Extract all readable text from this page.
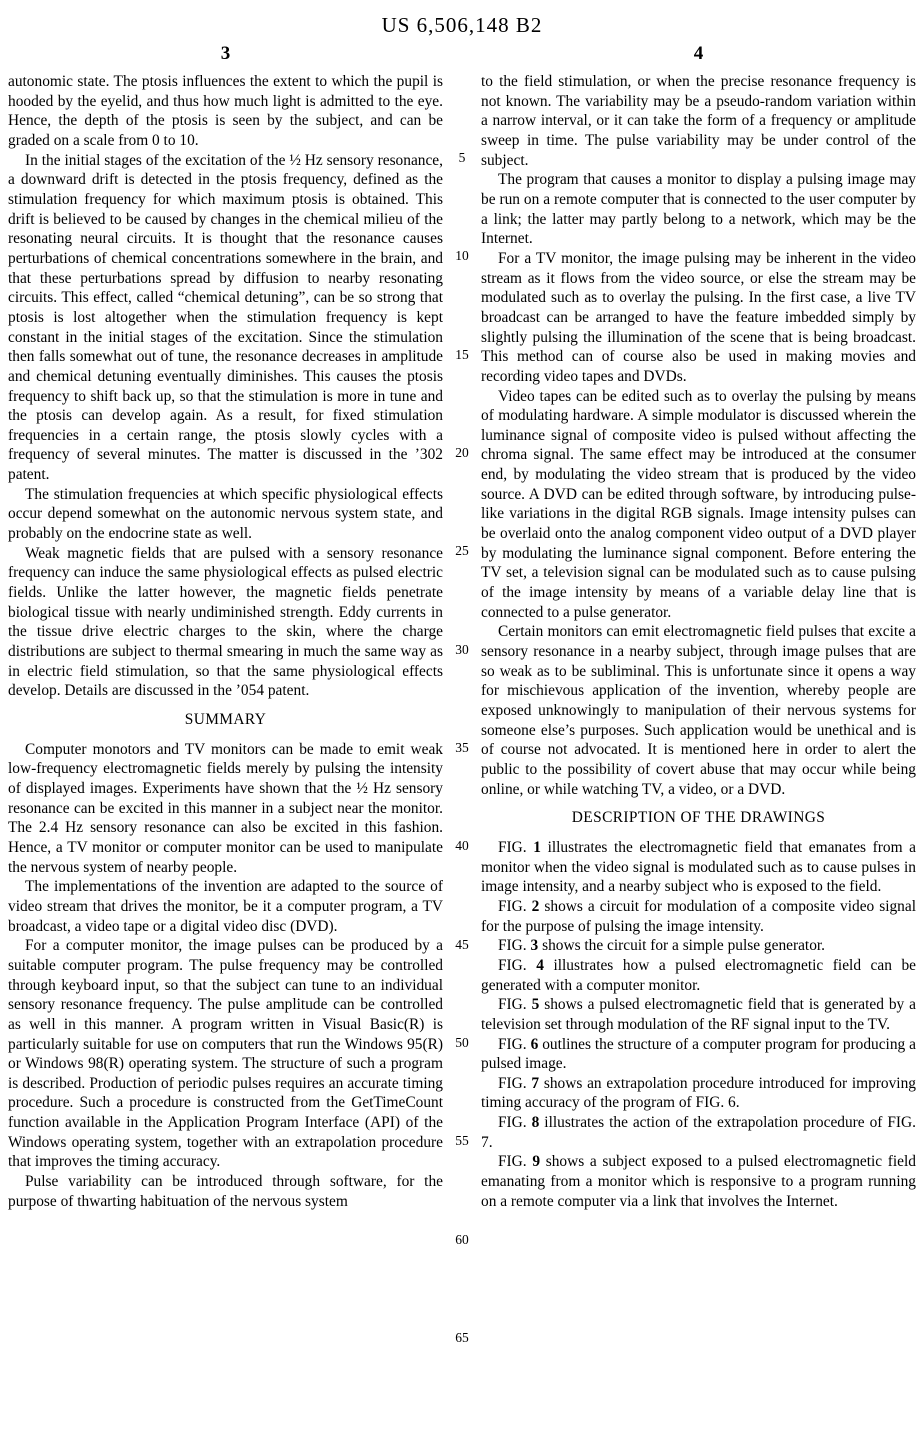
US 6,506,148 B2
3	4

autonomic state. The ptosis influences the extent to which the pupil is hooded by the eyelid, and thus how much light is admitted to the eye. Hence, the depth of the ptosis is seen by the subject, and can be graded on a scale from 0 to 10.

In the initial stages of the excitation of the ½ Hz sensory resonance, a downward drift is detected in the ptosis frequency, defined as the stimulation frequency for which maximum ptosis is obtained. This drift is believed to be caused by changes in the chemical milieu of the resonating neural circuits. It is thought that the resonance causes perturbations of chemical concentrations somewhere in the brain, and that these perturbations spread by diffusion to nearby resonating circuits. This effect, called “chemical detuning”, can be so strong that ptosis is lost altogether when the stimulation frequency is kept constant in the initial stages of the excitation. Since the stimulation then falls somewhat out of tune, the resonance decreases in amplitude and chemical detuning eventually diminishes. This causes the ptosis frequency to shift back up, so that the stimulation is more in tune and the ptosis can develop again. As a result, for fixed stimulation frequencies in a certain range, the ptosis slowly cycles with a frequency of several minutes. The matter is discussed in the ’302 patent.

The stimulation frequencies at which specific physiological effects occur depend somewhat on the autonomic nervous system state, and probably on the endocrine state as well.

Weak magnetic fields that are pulsed with a sensory resonance frequency can induce the same physiological effects as pulsed electric fields. Unlike the latter however, the magnetic fields penetrate biological tissue with nearly undiminished strength. Eddy currents in the tissue drive electric charges to the skin, where the charge distributions are subject to thermal smearing in much the same way as in electric field stimulation, so that the same physiological effects develop. Details are discussed in the ’054 patent.

SUMMARY

Computer monotors and TV monitors can be made to emit weak low-frequency electromagnetic fields merely by pulsing the intensity of displayed images. Experiments have shown that the ½ Hz sensory resonance can be excited in this manner in a subject near the monitor. The 2.4 Hz sensory resonance can also be excited in this fashion. Hence, a TV monitor or computer monitor can be used to manipulate the nervous system of nearby people.

The implementations of the invention are adapted to the source of video stream that drives the monitor, be it a computer program, a TV broadcast, a video tape or a digital video disc (DVD).

For a computer monitor, the image pulses can be produced by a suitable computer program. The pulse frequency may be controlled through keyboard input, so that the subject can tune to an individual sensory resonance frequency. The pulse amplitude can be controlled as well in this manner. A program written in Visual Basic(R) is particularly suitable for use on computers that run the Windows 95(R) or Windows 98(R) operating system. The structure of such a program is described. Production of periodic pulses requires an accurate timing procedure. Such a procedure is constructed from the GetTimeCount function available in the Application Program Interface (API) of the Windows operating system, together with an extrapolation procedure that improves the timing accuracy.

Pulse variability can be introduced through software, for the purpose of thwarting habituation of the nervous system

5
10
15
20
25
30
35
40
45
50
55
60
65

to the field stimulation, or when the precise resonance frequency is not known. The variability may be a pseudo-random variation within a narrow interval, or it can take the form of a frequency or amplitude sweep in time. The pulse variability may be under control of the subject.

The program that causes a monitor to display a pulsing image may be run on a remote computer that is connected to the user computer by a link; the latter may partly belong to a network, which may be the Internet.

For a TV monitor, the image pulsing may be inherent in the video stream as it flows from the video source, or else the stream may be modulated such as to overlay the pulsing. In the first case, a live TV broadcast can be arranged to have the feature imbedded simply by slightly pulsing the illumination of the scene that is being broadcast. This method can of course also be used in making movies and recording video tapes and DVDs.

Video tapes can be edited such as to overlay the pulsing by means of modulating hardware. A simple modulator is discussed wherein the luminance signal of composite video is pulsed without affecting the chroma signal. The same effect may be introduced at the consumer end, by modulating the video stream that is produced by the video source. A DVD can be edited through software, by introducing pulse-like variations in the digital RGB signals. Image intensity pulses can be overlaid onto the analog component video output of a DVD player by modulating the luminance signal component. Before entering the TV set, a television signal can be modulated such as to cause pulsing of the image intensity by means of a variable delay line that is connected to a pulse generator.

Certain monitors can emit electromagnetic field pulses that excite a sensory resonance in a nearby subject, through image pulses that are so weak as to be subliminal. This is unfortunate since it opens a way for mischievous application of the invention, whereby people are exposed unknowingly to manipulation of their nervous systems for someone else’s purposes. Such application would be unethical and is of course not advocated. It is mentioned here in order to alert the public to the possibility of covert abuse that may occur while being online, or while watching TV, a video, or a DVD.

DESCRIPTION OF THE DRAWINGS

FIG. 1 illustrates the electromagnetic field that emanates from a monitor when the video signal is modulated such as to cause pulses in image intensity, and a nearby subject who is exposed to the field.

FIG. 2 shows a circuit for modulation of a composite video signal for the purpose of pulsing the image intensity.

FIG. 3 shows the circuit for a simple pulse generator.

FIG. 4 illustrates how a pulsed electromagnetic field can be generated with a computer monitor.

FIG. 5 shows a pulsed electromagnetic field that is generated by a television set through modulation of the RF signal input to the TV.

FIG. 6 outlines the structure of a computer program for producing a pulsed image.

FIG. 7 shows an extrapolation procedure introduced for improving timing accuracy of the program of FIG. 6.

FIG. 8 illustrates the action of the extrapolation procedure of FIG. 7.

FIG. 9 shows a subject exposed to a pulsed electromagnetic field emanating from a monitor which is responsive to a program running on a remote computer via a link that involves the Internet.
